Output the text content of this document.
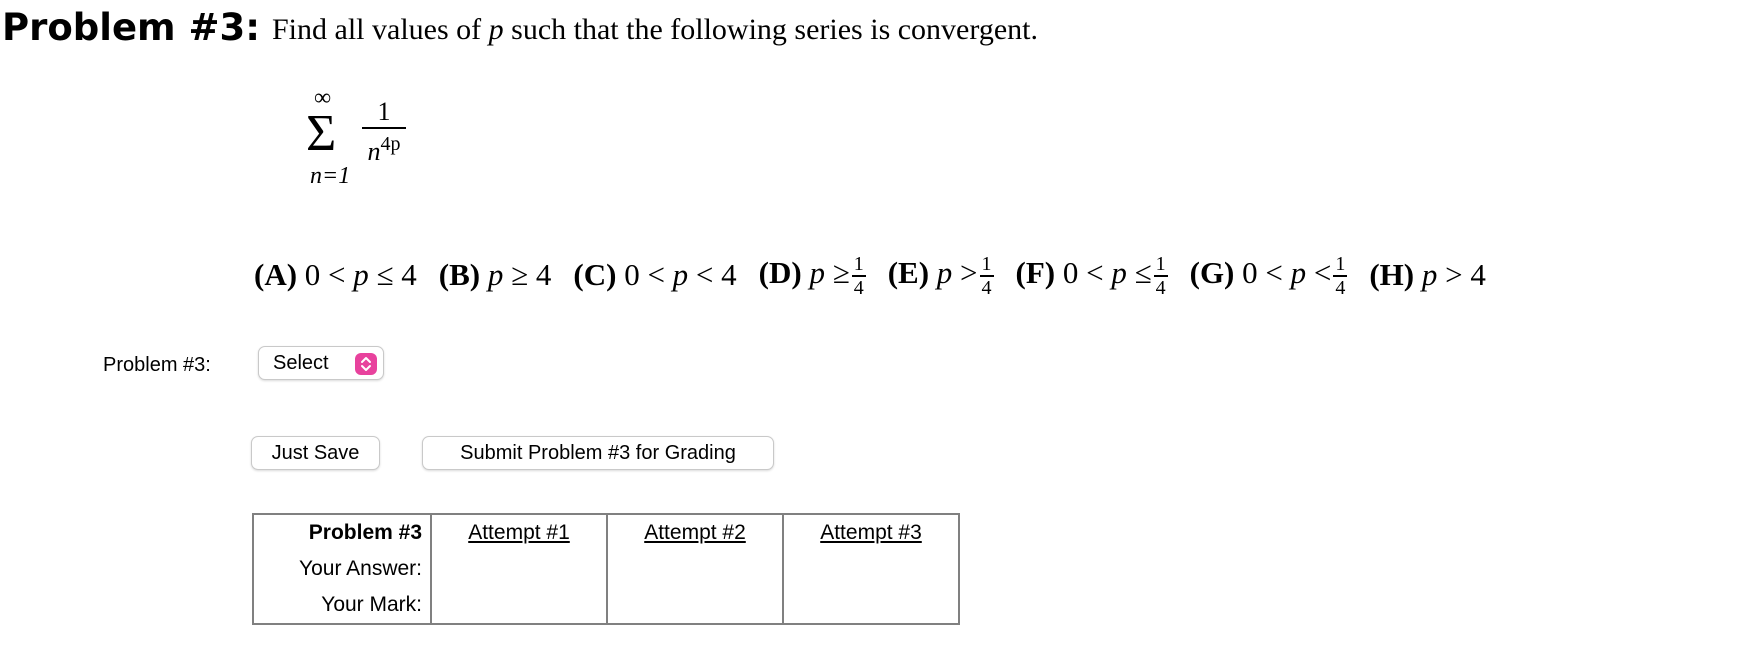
Problem #3: Find all values of p such that the following series is convergent.
∞
Σ
n=1
1
$n^{4p}$
(A) 0 < p ≤ 4 (B) p ≥ 4 (C) 0 < p < 4 (D) $p \ge \frac{1}{4} (E) p > \frac{1}{4} (F) 0 < p \le \frac{1}{4} (G) 0 < p < \frac{1}{4} (H) p > 4$
Problem #3:	Select
Just Save	Submit Problem #3 for Grading
Problem #3	Attempt #1	Attempt #2	Attempt #3
Your Answer:			
Your Mark:			
